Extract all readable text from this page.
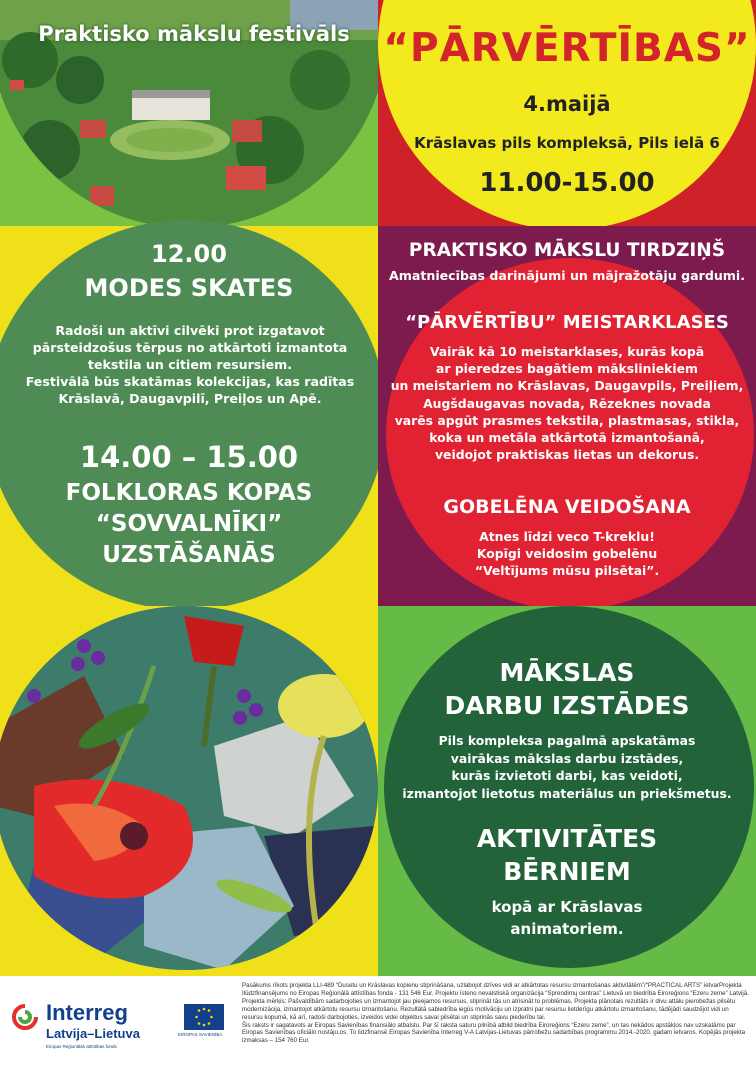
Praktisko mākslu festivāls “PĀRVĒRTĪBAS”
4.maijā
Krāslavas pils kompleksā, Pils ielā 6
11.00-15.00
12.00
MODES SKATES
Radoši un aktīvi cilvēki prot izgatavot
pārsteidzošus tērpus no atkārtoti izmantota
tekstila un citiem resursiem.
Festivālā būs skatāmas kolekcijas, kas radītas
Krāslavā, Daugavpilī, Preiļos un Apē.
14.00 – 15.00
FOLKLORAS KOPAS
“SOVVALNĪKI”
UZSTĀŠANĀS
PRAKTISKO MĀKSLU TIRDZIŅŠ
Amatniecības darinājumi un mājražotāju gardumi.
“PĀRVĒRTĪBU” MEISTARKLASES
Vairāk kā 10 meistarklases, kurās kopā
ar pieredzes bagātiem māksliniekiem
un meistariem no Krāslavas, Daugavpils, Preiļiem,
Augšdaugavas novada, Rēzeknes novada
varēs apgūt prasmes tekstila, plastmasas, stikla,
koka un metāla atkārtotā izmantošanā,
veidojot praktiskas lietas un dekorus.
GOBELĒNA VEIDOŠANA
Atnes līdzi veco T-kreklu!
Kopīgi veidosim gobelēnu
“Veltījums mūsu pilsētai”.
MĀKSLAS
DARBU IZSTĀDES
Pils kompleksa pagalmā apskatāmas
vairākas mākslas darbu izstādes,
kurās izvietoti darbi, kas veidoti,
izmantojot lietotus materiālus un priekšmetus.
AKTIVITĀTES
BĒRNIEM
kopā ar Krāslavas
animatoriem.
Interreg
Latvija–Lietuva
Eiropas Reģionālās attīstības fonds
EIROPAS SAVIENĪBA
Pasākums rīkots projekta LLI-489 “Dusetu un Krāslavas kopienu stiprināšana, uzlabojot dzīves vidi ar atkārtotas resursu izmantošanas aktivitātēm”/“PRACTICAL ARTS” ietvarProjekta
Ilūdzfinansējums no Eiropas Reģionālā attīstības fonda - 131 546 Eur. Projektu īsteno nevalstiskā organizācija “Sprendimų centras” Lietuvā un biedrība Eiroreģions “Ezeru zeme” Latvijā.
Projekta mērķis: Pašvaldībām sadarbojoties un izmantojot jau pieejamos resursus, stiprināt tās un atrisināt to problēmas. Projekta plānotais rezultāts ir divu attālu pierobežas pilsētu
modernizācija, izmantojot atkārtotu resursu izmantošanu. Rezultātā sabiedrība iegūs motivāciju un izpratni par resursu lietderīgu atkārtotu izmantošanu, tādējādi saudzējot vidi un
resursu kopumā, kā arī, radoši darbojoties, izveidos videi objektus savai pilsētai un stiprinās savu piederību tai.
Šis raksts ir sagatavots ar Eiropas Savienības finansiālo atbalstu. Par šī raksta saturu pilnībā atbild biedrība Eiroreģions “Ezeru zeme”, un tas nekādos apstākļos nav uzskatāms par
Eiropas Savienības oficiālo nostāju.os. To līdzfinansē Eiropas Savienība Interreg V-A Latvijas-Lietuvas pārrobežu sadarbības programmu 2014.-2020. gadam ietvaros. Kopējās projekta
izmaksas – 154 760 Eur.
